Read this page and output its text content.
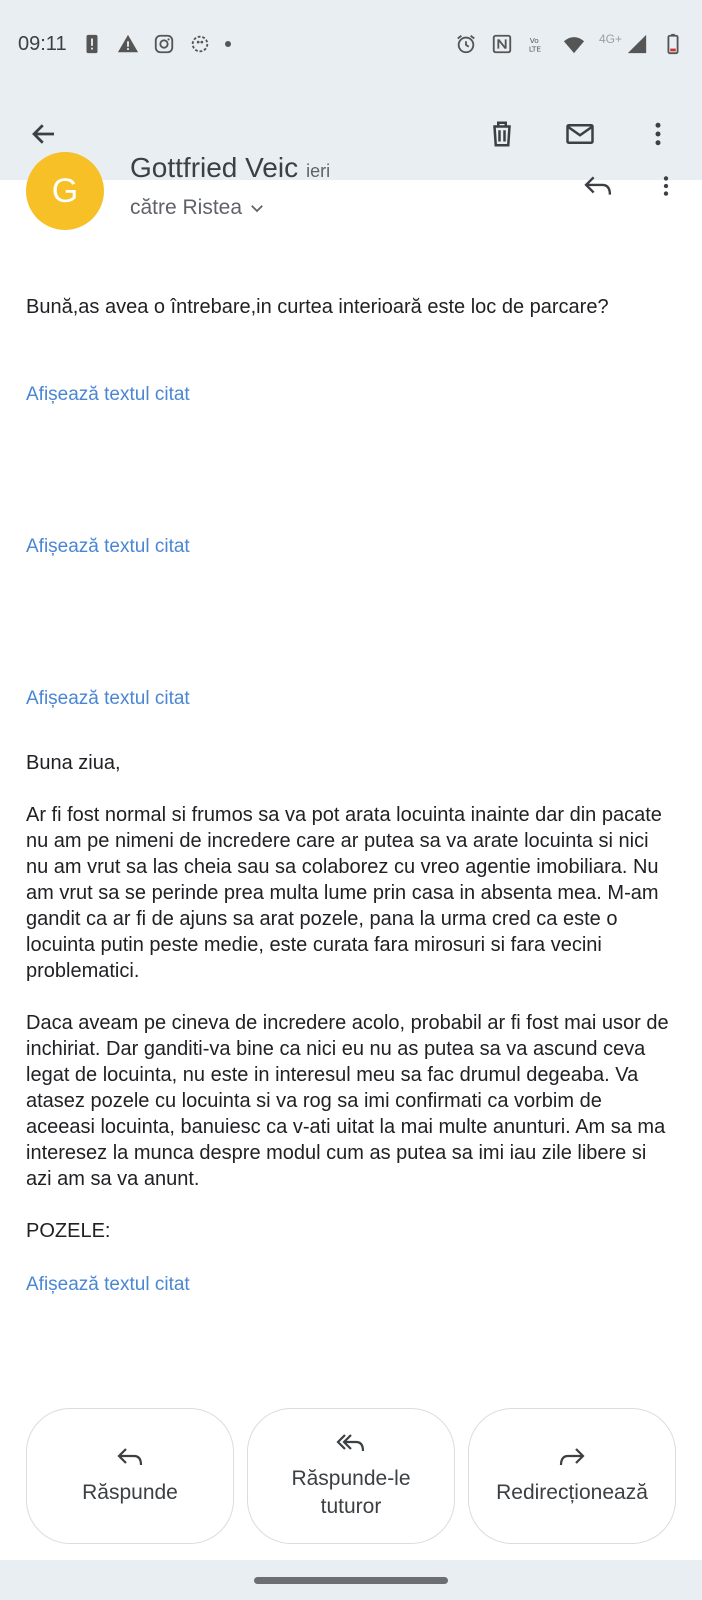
09:11	Vo
LTE
4G+
G
Gottfried Veic ieri
către Ristea
Bună,as avea o întrebare,in curtea interioară este loc de parcare?
Afișează textul citat
Afișează textul citat
Afișează textul citat
Buna ziua,
Ar fi fost normal si frumos sa va pot arata locuinta inainte dar din pacate nu am pe nimeni de incredere care ar putea sa va arate locuinta si nici nu am vrut sa las cheia sau sa colaborez cu vreo agentie imobiliara. Nu am vrut sa se perinde prea multa lume prin casa in absenta mea. M-am gandit ca ar fi de ajuns sa arat pozele, pana la urma cred ca este o locuinta putin peste medie, este curata fara mirosuri si fara vecini problematici.
Daca aveam pe cineva de incredere acolo, probabil ar fi fost mai usor de inchiriat. Dar ganditi-va bine ca nici eu nu as putea sa va ascund ceva legat de locuinta, nu este in interesul meu sa fac drumul degeaba. Va atasez pozele cu locuinta si va rog sa imi confirmati ca vorbim de aceeasi locuinta, banuiesc ca v-ati uitat la mai multe anunturi. Am sa ma interesez la munca despre modul cum as putea sa imi iau zile libere si azi am sa va anunt.
POZELE:
Afișează textul citat
Răspunde
Răspunde-le
tuturor
Redirecționează
